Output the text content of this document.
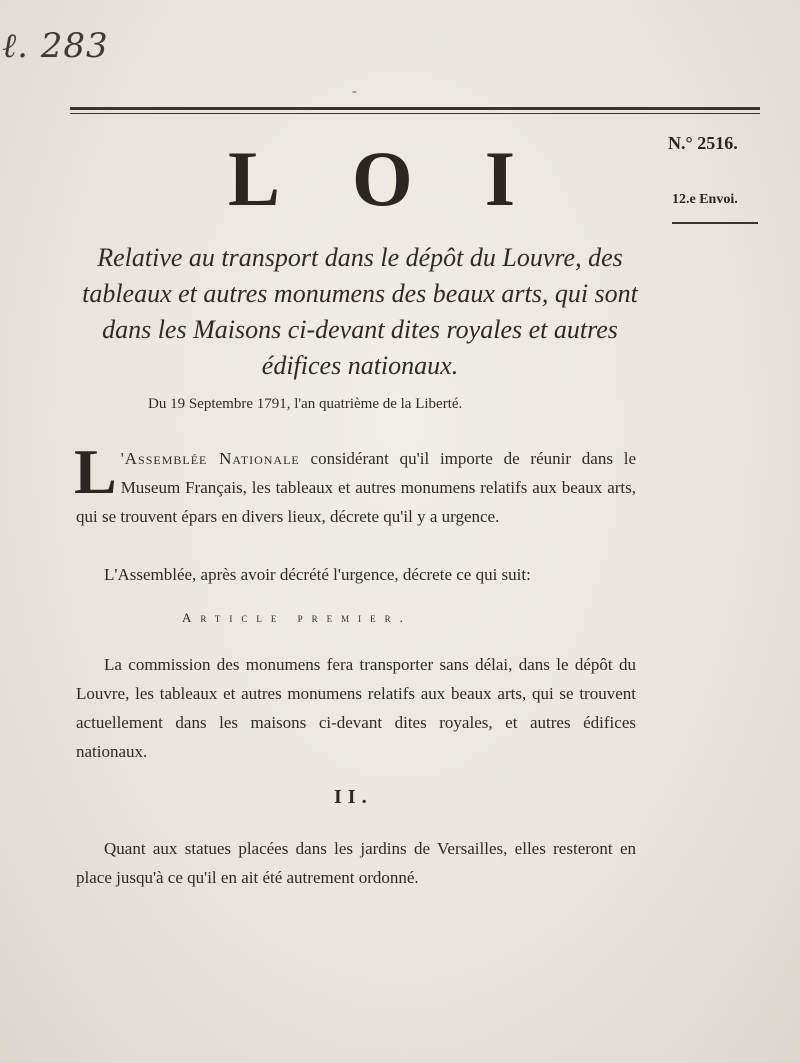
ℓ. 283
-
LOI	N.° 2516.
12.e Envoi.
Relative au transport dans le dépôt du Louvre, des tableaux et autres monumens des beaux arts, qui sont dans les Maisons ci-devant dites royales et autres édifices nationaux.
Du 19 Septembre 1791, l'an quatrième de la Liberté.
L 'Assemblée Nationale considérant qu'il importe de réunir dans le Museum Français, les tableaux et autres monumens relatifs aux beaux arts, qui se trouvent épars en divers lieux, décrete qu'il y a urgence.
L'Assemblée, après avoir décrété l'urgence, décrete ce qui suit:
Article premier.
La commission des monumens fera transporter sans délai, dans le dépôt du Louvre, les tableaux et autres monumens relatifs aux beaux arts, qui se trouvent actuellement dans les maisons ci-devant dites royales, et autres édifices nationaux.
II.
Quant aux statues placées dans les jardins de Versailles, elles resteront en place jusqu'à ce qu'il en ait été autrement ordonné.
